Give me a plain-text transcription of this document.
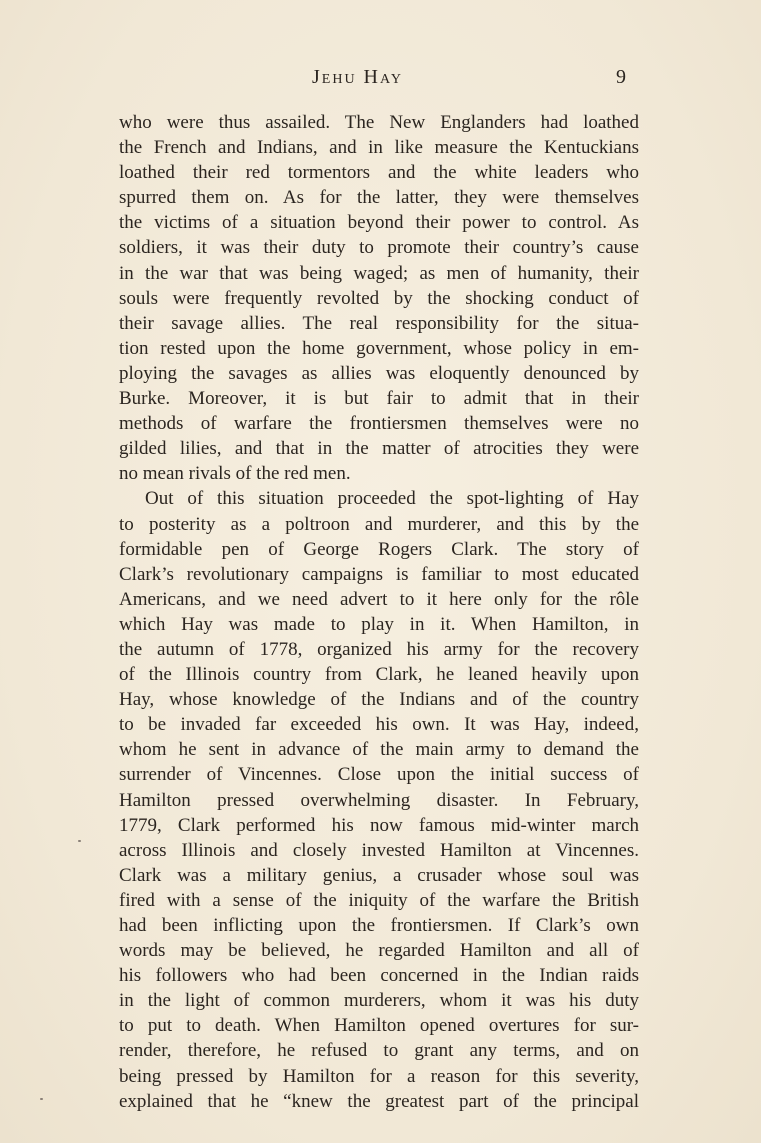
Jehu Hay	9
who were thus assailed. The New Englanders had loathed
the French and Indians, and in like measure the Kentuckians
loathed their red tormentors and the white leaders who
spurred them on. As for the latter, they were themselves
the victims of a situation beyond their power to control. As
soldiers, it was their duty to promote their country’s cause
in the war that was being waged; as men of humanity, their
souls were frequently revolted by the shocking conduct of
their savage allies. The real responsibility for the situa-
tion rested upon the home government, whose policy in em-
ploying the savages as allies was eloquently denounced by
Burke. Moreover, it is but fair to admit that in their
methods of warfare the frontiersmen themselves were no
gilded lilies, and that in the matter of atrocities they were
no mean rivals of the red men.
Out of this situation proceeded the spot-lighting of Hay
to posterity as a poltroon and murderer, and this by the
formidable pen of George Rogers Clark. The story of
Clark’s revolutionary campaigns is familiar to most educated
Americans, and we need advert to it here only for the rôle
which Hay was made to play in it. When Hamilton, in
the autumn of 1778, organized his army for the recovery
of the Illinois country from Clark, he leaned heavily upon
Hay, whose knowledge of the Indians and of the country
to be invaded far exceeded his own. It was Hay, indeed,
whom he sent in advance of the main army to demand the
surrender of Vincennes. Close upon the initial success of
Hamilton pressed overwhelming disaster. In February,
1779, Clark performed his now famous mid-winter march
across Illinois and closely invested Hamilton at Vincennes.
Clark was a military genius, a crusader whose soul was
fired with a sense of the iniquity of the warfare the British
had been inflicting upon the frontiersmen. If Clark’s own
words may be believed, he regarded Hamilton and all of
his followers who had been concerned in the Indian raids
in the light of common murderers, whom it was his duty
to put to death. When Hamilton opened overtures for sur-
render, therefore, he refused to grant any terms, and on
being pressed by Hamilton for a reason for this severity,
explained that he “knew the greatest part of the principal
